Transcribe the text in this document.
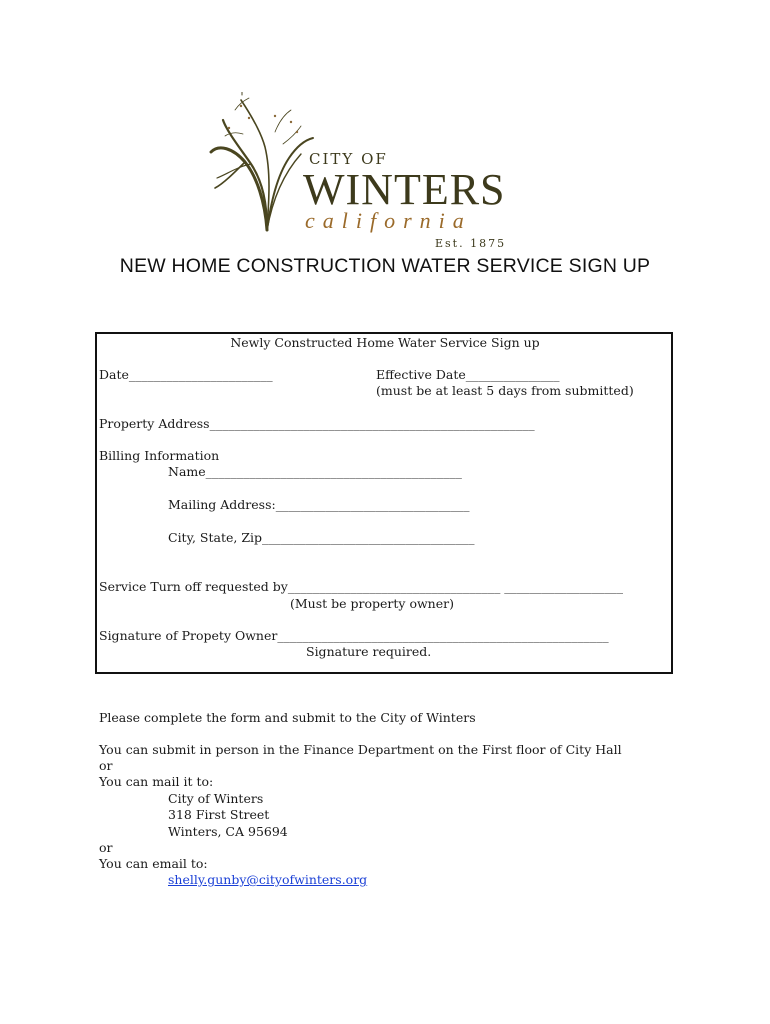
CITY OF
WINTERS
california
Est. 1875
NEW HOME CONSTRUCTION WATER SERVICE SIGN UP
Newly Constructed Home Water Service Sign up
Date_______________________	Effective Date_______________
(must be at least 5 days from submitted)
Property Address____________________________________________________
Billing Information
Name_________________________________________
Mailing Address:_______________________________
City, State, Zip__________________________________
Service Turn off requested by__________________________________ ___________________
(Must be property owner)
Signature of Propety Owner_____________________________________________________
Signature required.
Please complete the form and submit to the City of Winters
You can submit in person in the Finance Department on the First floor of City Hall
or
You can mail it to:
City of Winters
318 First Street
Winters, CA 95694
or
You can email to:
shelly.gunby@cityofwinters.org
